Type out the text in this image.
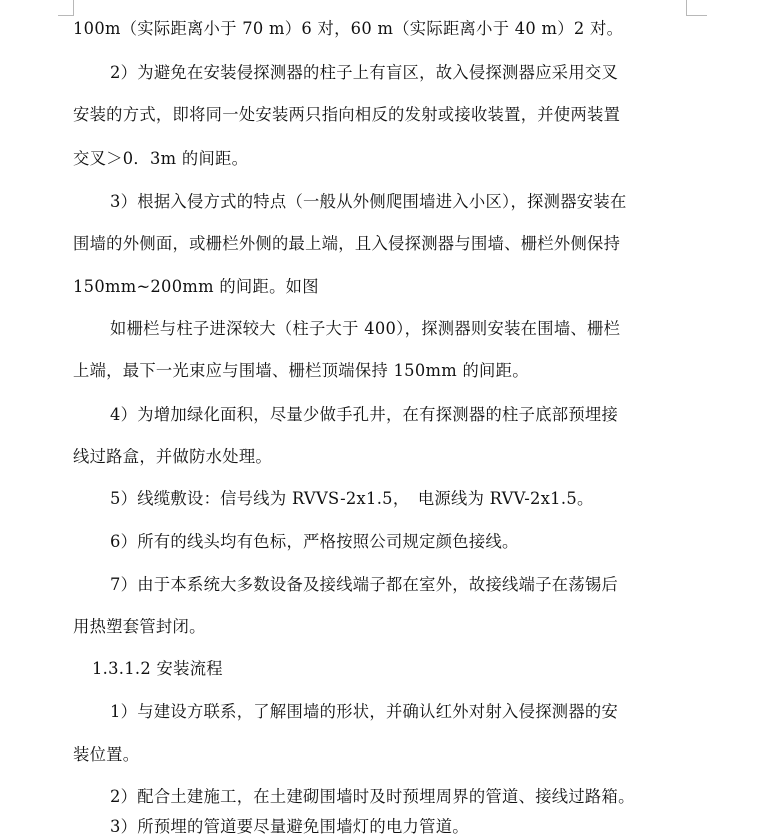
100m（实际距离小于 70 m）6 对，60 m（实际距离小于 40 m）2 对。
2）为避免在安装侵探测器的柱子上有盲区，故入侵探测器应采用交叉
安装的方式，即将同一处安装两只指向相反的发射或接收装置，并使两装置
交叉＞0．3m 的间距。
3）根据入侵方式的特点（一般从外侧爬围墙进入小区），探测器安装在
围墙的外侧面，或栅栏外侧的最上端，且入侵探测器与围墙、栅栏外侧保持
150mm~200mm 的间距。如图
如栅栏与柱子进深较大（柱子大于 400），探测器则安装在围墙、栅栏
上端，最下一光束应与围墙、栅栏顶端保持 150mm 的间距。
4）为增加绿化面积，尽量少做手孔井，在有探测器的柱子底部预埋接
线过路盒，并做防水处理。
5）线缆敷设：信号线为 RVVS-2x1.5，　电源线为 RVV-2x1.5。
6）所有的线头均有色标，严格按照公司规定颜色接线。
7）由于本系统大多数设备及接线端子都在室外，故接线端子在荡锡后
用热塑套管封闭。
1.3.1.2 安装流程
1）与建设方联系，了解围墙的形状，并确认红外对射入侵探测器的安
装位置。
2）配合土建施工，在土建砌围墙时及时预埋周界的管道、接线过路箱。
3）所预埋的管道要尽量避免围墙灯的电力管道。
